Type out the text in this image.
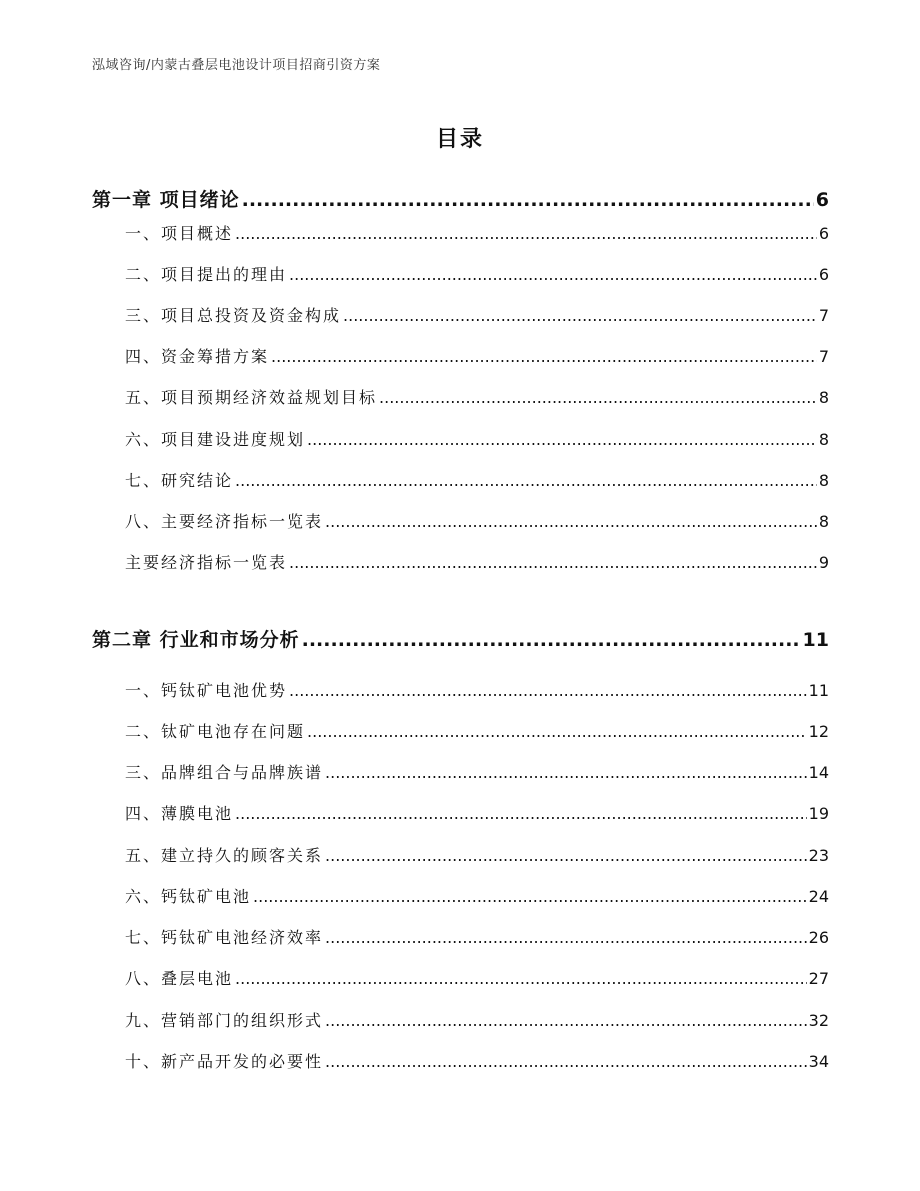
泓域咨询/内蒙古叠层电池设计项目招商引资方案
目录
第一章 项目绪论 .....	6
一、 项目概述 .....	6
二、 项目提出的理由 .....	6
三、 项目总投资及资金构成 .....	7
四、 资金筹措方案 .....	7
五、 项目预期经济效益规划目标 .....	8
六、 项目建设进度规划 .....	8
七、 研究结论 .....	8
八、 主要经济指标一览表 .....	8
主要经济指标一览表 .....	9
第二章 行业和市场分析 .....	11
一、 钙钛矿电池优势 .....	11
二、 钛矿电池存在问题 .....	12
三、 品牌组合与品牌族谱 .....	14
四、 薄膜电池 .....	19
五、 建立持久的顾客关系 .....	23
六、 钙钛矿电池 .....	24
七、 钙钛矿电池经济效率 .....	26
八、 叠层电池 .....	27
九、 营销部门的组织形式 .....	32
十、 新产品开发的必要性 .....	34
